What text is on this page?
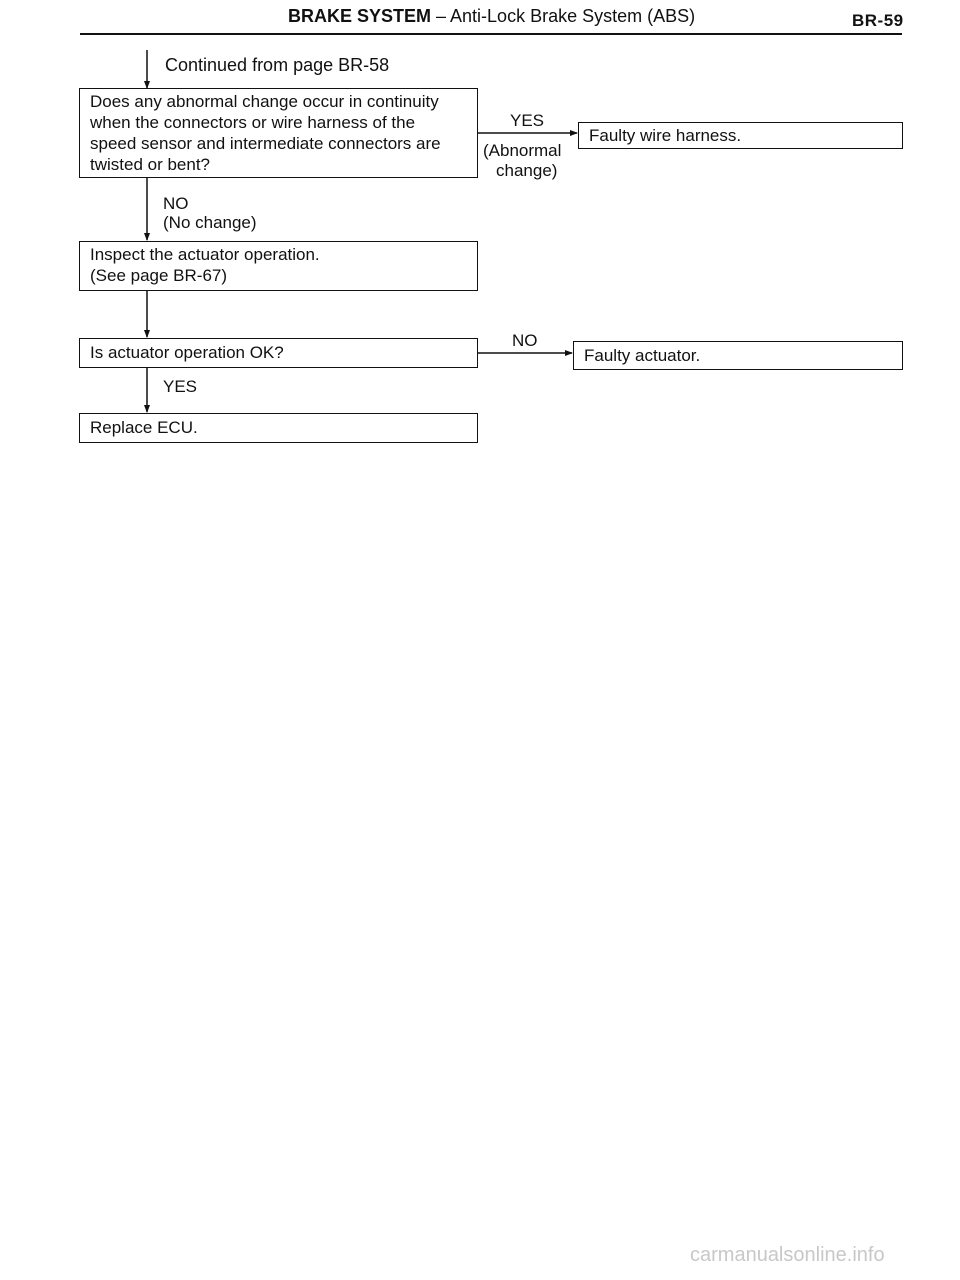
BRAKE SYSTEM – Anti-Lock Brake System (ABS)	BR-59
Continued from page BR-58
Does any abnormal change occur in continuity
when the connectors or wire harness of the
speed sensor and intermediate connectors are
twisted or bent?
YES
(Abnormal
change)
Faulty wire harness.
NO
(No change)
Inspect the actuator operation.
(See page BR-67)
Is actuator operation OK?
NO
Faulty actuator.
YES
Replace ECU.
carmanualsonline.info
